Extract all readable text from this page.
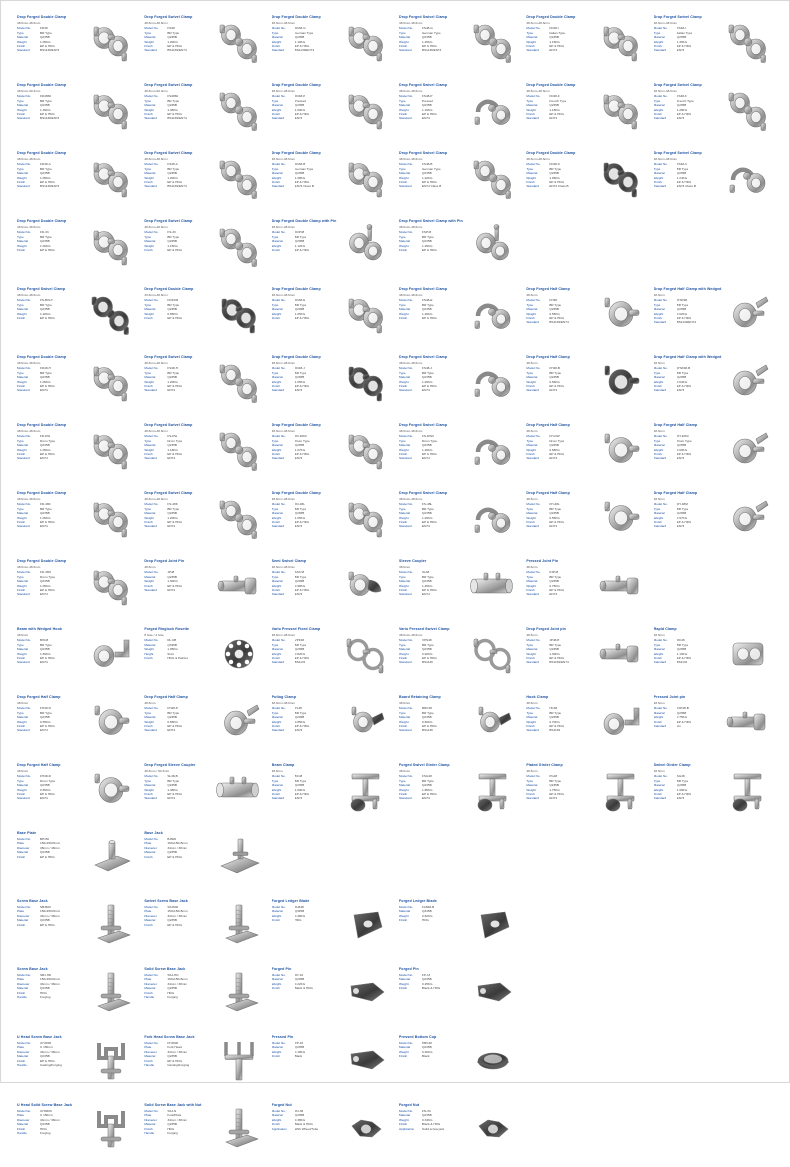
Drop Forged Double Clamp
48.6mm-48.6mm
Model No.	FD48
Type	BR Type
Material	Q235B
Weight	1.05KG
Finish	EP & HDG
Standard	BS1139/EN74
Drop Forged Swivel Clamp
48.6mm-48.6mm
Model No.	FS48
Type	BR Type
Material	Q235B
Weight	1.20KG
Finish	EP & HDG
Standard	BS1139/EN74
Drop Forged Double Clamp
48.6mm-48.6mm
Model No.	FD48-G
Type	German Type
Material	Q235B
Weight	1.10KG
Finish	EP & HDG
Standard	BS1139/EN74
Drop Forged Swivel Clamp
48.6mm-48.6mm
Model No.	FS48-G
Type	German Type
Material	Q235B
Weight	1.25KG
Finish	EP & HDG
Standard	BS1139/EN74
Drop Forged Double Clamp
48.6mm-48.6mm
Model No.	FD48-I
Type	Italian Type
Material	Q235B
Weight	1.15KG
Finish	EP & HDG
Standard	EN74
Drop Forged Swivel Clamp
48.6mm-48.6mm
Model No.	FS48-I
Type	Italian Type
Material	Q235B
Weight	1.30KG
Finish	EP & HDG
Standard	EN74
Drop Forged Double Clamp
48.6mm-60.3mm
Model No.	FD4860
Type	BR Type
Material	Q235B
Weight	1.35KG
Finish	EP & HDG
Standard	BS1139/EN74
Drop Forged Swivel Clamp
48.6mm-60.3mm
Model No.	FS4860
Type	BR Type
Material	Q235B
Weight	1.45KG
Finish	EP & HDG
Standard	BS1139/EN74
Drop Forged Double Clamp
48.6mm-48.6mm
Model No.	FD48-P
Type	Pressed
Material	Q235B
Weight	1.00KG
Finish	EP & HDG
Standard	EN74
Drop Forged Swivel Clamp
48.6mm-48.6mm
Model No.	FS48-P
Type	Pressed
Material	Q235B
Weight	1.10KG
Finish	EP & HDG
Standard	EN74
Drop Forged Double Clamp
48.6mm-48.6mm
Model No.	FD48-F
Type	French Type
Material	Q235B
Weight	1.18KG
Finish	EP & HDG
Standard	EN74
Drop Forged Swivel Clamp
48.6mm-48.6mm
Model No.	FS48-F
Type	French Type
Material	Q235B
Weight	1.28KG
Finish	EP & HDG
Standard	EN74
Drop Forged Double Clamp
48.6mm-48.6mm
Model No.	FD48-A
Type	BR Type
Material	Q235B
Weight	1.05KG
Finish	EP & HDG
Standard	BS1139/EN74
Drop Forged Swivel Clamp
48.6mm-48.6mm
Model No.	FS48-A
Type	BR Type
Material	Q235B
Weight	1.20KG
Finish	EP & HDG
Standard	BS1139/EN74
Drop Forged Double Clamp
48.6mm-48.6mm
Model No.	FD48-B
Type	German Type
Material	Q235B
Weight	1.08KG
Finish	EP & HDG
Standard	EN74 Class B
Drop Forged Swivel Clamp
48.6mm-48.6mm
Model No.	FS48-B
Type	German Type
Material	Q235B
Weight	1.22KG
Finish	EP & HDG
Standard	EN74 Class B
Drop Forged Double Clamp
48.6mm-48.6mm
Model No.	FD48-C
Type	BR Type
Material	Q235B
Weight	1.06KG
Finish	EP & HDG
Standard	EN74 Class B
Drop Forged Swivel Clamp
48.6mm-48.6mm
Model No.	FS48-C
Type	BR Type
Material	Q235B
Weight	1.24KG
Finish	EP & HDG
Standard	EN74 Class B
Drop Forged Double Clamp
48.6mm-48.6mm
Model No.	FD-33
Type	BR Type
Material	Q235B
Weight	1.00KG
Finish	EP & HDG
Drop Forged Swivel Clamp
48.6mm-48.6mm
Model No.	FS-33
Type	BR Type
Material	Q235B
Weight	1.15KG
Finish	EP & HDG
Drop Forged Double Clamp with Pin
48.6mm-48.6mm
Model No.	FDP48
Type	BR Type
Material	Q235B
Weight	1.12KG
Finish	EP & HDG
Drop Forged Swivel Clamp with Pin
48.6mm-48.6mm
Model No.	FSP48
Type	BR Type
Material	Q235B
Weight	1.26KG
Finish	EP & HDG
Drop Forged Swivel Clamp
48.6mm-48.6mm
Model No.	FS-BOLT
Type	BR Type
Material	Q235B
Weight	1.20KG
Finish	EP & HDG
Drop Forged Double Clamp
33.6mm-48.6mm
Model No.	FD3348
Type	BR Type
Material	Q235B
Weight	0.95KG
Finish	EP & HDG
Drop Forged Double Clamp
48.6mm-48.6mm
Model No.	FD48-E
Type	BR Type
Material	Q235B
Weight	1.05KG
Finish	EP & HDG
Drop Forged Swivel Clamp
48.6mm-48.6mm
Model No.	FS48-E
Type	BR Type
Material	Q235B
Weight	1.20KG
Finish	EP & HDG
Drop Forged Half Clamp
48.6mm
Model No.	FH48
Type	BR Type
Material	Q235B
Weight	0.55KG
Finish	EP & HDG
Standard	BS1139/EN74
Drop Forged Half Clamp with Wedged
48.6mm
Model No.	FHW48
Type	BR Type
Material	Q235B
Weight	0.62KG
Finish	EP & HDG
Standard	BS1139/EN74
Drop Forged Double Clamp
48.6mm-48.6mm
Model No.	FD48-H
Type	BR Type
Material	Q235B
Weight	1.05KG
Finish	EP & HDG
Standard	EN74
Drop Forged Swivel Clamp
48.6mm-48.6mm
Model No.	FS48-H
Type	BR Type
Material	Q235B
Weight	1.20KG
Finish	EP & HDG
Standard	EN74
Drop Forged Double Clamp
48.6mm-48.6mm
Model No.	FD48-J
Type	BR Type
Material	Q235B
Weight	1.05KG
Finish	EP & HDG
Standard	EN74
Drop Forged Swivel Clamp
48.6mm-48.6mm
Model No.	FS48-J
Type	BR Type
Material	Q235B
Weight	1.20KG
Finish	EP & HDG
Standard	EN74
Drop Forged Half Clamp
48.6mm
Model No.	FH48-B
Type	BR Type
Material	Q235B
Weight	0.56KG
Finish	EP & HDG
Standard	EN74
Drop Forged Half Clamp with Wedged
48.6mm
Model No.	FHW48-B
Type	BR Type
Material	Q235B
Weight	0.64KG
Finish	EP & HDG
Standard	EN74
Drop Forged Double Clamp
48.6mm-48.6mm
Model No.	FD-DW
Type	Drum Type
Material	Q235B
Weight	1.05KG
Finish	EP & HDG
Standard	EN74
Drop Forged Swivel Clamp
48.6mm-48.6mm
Model No.	FS-DW
Type	Drum Type
Material	Q235B
Weight	1.18KG
Finish	EP & HDG
Standard	EN74
Drop Forged Double Clamp
48.6mm-48.6mm
Model No.	FD-DW2
Type	Drum Type
Material	Q235B
Weight	1.07KG
Finish	EP & HDG
Standard	EN74
Drop Forged Swivel Clamp
48.6mm-48.6mm
Model No.	FS-DW2
Type	Drum Type
Material	Q235B
Weight	1.20KG
Finish	EP & HDG
Standard	EN74
Drop Forged Half Clamp
48.6mm
Model No.	FH-DW
Type	Drum Type
Material	Q235B
Weight	0.58KG
Finish	EP & HDG
Standard	EN74
Drop Forged Half Clamp
48.6mm
Model No.	FH-DW2
Type	Drum Type
Material	Q235B
Weight	0.60KG
Finish	EP & HDG
Standard	EN74
Drop Forged Double Clamp
48.6mm-48.6mm
Model No.	FD-48K
Type	BR Type
Material	Q235B
Weight	1.05KG
Finish	EP & HDG
Standard	EN74
Drop Forged Swivel Clamp
48.6mm-48.6mm
Model No.	FS-48K
Type	BR Type
Material	Q235B
Weight	1.20KG
Finish	EP & HDG
Standard	EN74
Drop Forged Double Clamp
48.6mm-48.6mm
Model No.	FD-48L
Type	BR Type
Material	Q235B
Weight	1.05KG
Finish	EP & HDG
Standard	EN74
Drop Forged Swivel Clamp
48.6mm-48.6mm
Model No.	FS-48L
Type	BR Type
Material	Q235B
Weight	1.20KG
Finish	EP & HDG
Standard	EN74
Drop Forged Half Clamp
48.6mm
Model No.	FH-48L
Type	BR Type
Material	Q235B
Weight	0.55KG
Finish	EP & HDG
Standard	EN74
Drop Forged Half Clamp
48.6mm
Model No.	FH-48M
Type	BR Type
Material	Q235B
Weight	0.57KG
Finish	EP & HDG
Standard	EN74
Drop Forged Double Clamp
48.6mm-48.6mm
Model No.	FD-48N
Type	Drum Type
Material	Q235B
Weight	1.05KG
Finish	EP & HDG
Standard	EN74
Drop Forged Joint Pin
48.6mm
Model No.	JP48
Material	Q235B
Weight	1.30KG
Finish	EP & HDG
Standard	EN74
Semi Swivel Clamp
48.6mm-48.6mm
Model No.	SSC48
Type	BR Type
Material	Q235B
Weight	0.98KG
Finish	EP & HDG
Standard	EN74
Sleeve Coupler
48.6mm
Model No.	SL48
Type	BR Type
Material	Q235B
Weight	1.45KG
Finish	EP & HDG
Standard	EN74
Pressed Joint Pin
48.6mm
Model No.	PJP48
Type	BR Type
Material	Q235B
Weight	0.75KG
Finish	EP & HDG
Standard	EN74
Beam with Wedged Hook
48.6mm
Model No.	BW48
Type	BR Type
Material	Q235B
Weight	1.65KG
Finish	EP & HDG
Standard	EN74
Forged Ringlock Rosette
8 hole / 4 hole
Model No.	RL-R8
Material	Q345B
Weight	1.05KG
Height	9mm
Finish	HDG & Painted
Vario Pressed Fixed Clamp
48.6mm-48.6mm
Model No.	VPF48
Type	BR Type
Material	Q235B
Weight	0.82KG
Finish	EP & HDG
Standard	BS1139
Vario Pressed Swivel Clamp
48.6mm-48.6mm
Model No.	VPS48
Type	BR Type
Material	Q235B
Weight	0.92KG
Finish	EP & HDG
Standard	BS1139
Drop Forged Joint pin
48.6mm
Model No.	JP48-B
Type	BR Type
Material	Q235B
Weight	1.30KG
Finish	EP & HDG
Standard	BS1139/EN74
Rapid Clamp
48.6mm
Model No.	RC48
Type	BR Type
Material	Q235B
Weight	1.10KG
Finish	EP & HDG
Standard	BS1139
Drop Forged Half Clamp
48.6mm
Model No.	FH48-N
Type	BR Type
Material	Q235B
Weight	0.55KG
Finish	EP & HDG
Standard	EN74
Drop Forged Half Clamp
48.6mm
Model No.	FH48-P
Type	BR Type
Material	Q235B
Weight	0.58KG
Finish	EP & HDG
Standard	EN74
Putlog Clamp
48.6mm-48.6mm
Model No.	PL48
Type	BR Type
Material	Q235B
Weight	0.85KG
Finish	EP & HDG
Standard	EN74
Board Retaining Clamp
48.6mm
Model No.	BRC48
Type	BR Type
Material	Q235B
Weight	0.66KG
Finish	EP & HDG
Standard	BS1139
Hook Clamp
48.6mm
Model No.	HC48
Type	BR Type
Material	Q235B
Weight	0.70KG
Finish	EP & HDG
Standard	BS1139
Pressed Joint pin
48.6mm
Model No.	PJP48-B
Material	Q235B
Weight	0.75KG
Finish	EP & HDG
Standard	pin
Drop Forged Half Clamp
48.6mm
Model No.	FH48-R
Type	Drum Type
Material	Q235B
Weight	0.55KG
Finish	EP & HDG
Standard	EN74
Drop Forged Sleeve Coupler
48.6mm / 60.3mm
Model No.	SL48-B
Type	BR Type
Material	Q235B
Weight	1.48KG
Finish	EP & HDG
Standard	EN74
Beam Clamp
48.6mm
Model No.	BC48
Type	BR Type
Material	Q235B
Weight	1.60KG
Finish	EP & HDG
Standard	EN74
Forged Swivel Girder Clamp
48.6mm
Model No.	FSG48
Type	BR Type
Material	Q235B
Weight	1.85KG
Finish	EP & HDG
Standard	EN74
Plated Girder Clamp
48.6mm
Model No.	PG48
Type	BR Type
Material	Q235B
Weight	1.75KG
Finish	EP & HDG
Standard	EN74
Swivel Girder Clamp
48.6mm
Model No.	SG48
Type	BR Type
Material	Q235B
Weight	1.90KG
Finish	EP & HDG
Standard	EN74
Base Plate
Model No.	BP150
Plate	150x150x5mm
Diameter	38mm / 48mm
Material	Q235B
Finish	EP & HDG
Base Jack
Model No.	BJ600
Plate	150x150x5mm
Diameter	34mm / 38mm
Material	Q235B
Finish	EP & HDG
Screw Base Jack
Model No.	SBJ600
Plate	150x150x5mm
Diameter	34mm / 38mm
Material	Q235B
Finish	EP & HDG
Swivel Screw Base Jack
Model No.	SSJ600
Plate	150x150x5mm
Diameter	34mm / 38mm
Material	Q235B
Finish	EP & HDG
Forged Ledger Blade
Model No.	FLB48
Material	Q345B
Weight	0.48KG
Finish	HDG
Forged Ledger Blade
Model No.	FLB48-B
Material	Q345B
Weight	0.52KG
Finish	HDG
Screw Base Jack
Model No.	SBJ-HD
Plate	150x150x6mm
Diameter	34mm / 38mm
Material	Q235B
Finish	HDG
Handle	Forging
Solid Screw Base Jack
Model No.	SSJ-HD
Plate	150x150x6mm
Diameter	34mm / 38mm
Material	Q235B
Finish	HDG
Handle	Forging
Forged Pin
Model No.	FP-16
Material	Q235B
Weight	0.22KG
Finish	Black & HDG
Forged Pin
Model No.	FP-18
Material	Q235B
Weight	0.25KG
Finish	Black & HDG
U Head Screw Base Jack
Model No.	UHJ600
Plate	U 150mm
Diameter	34mm / 38mm
Material	Q235B
Finish	EP & HDG
Handle	Casting/Forging
Fork Head Screw Base Jack
Model No.	FHJ600
Plate	Fork Head
Diameter	34mm / 38mm
Material	Q235B
Finish	EP & HDG
Handle	Casting/Forging
Pressed Pin
Model No.	PP-16
Material	Q235B
Weight	0.18KG
Finish	Black
Pressed Bottom Cup
Model No.	PBC48
Material	Q235B
Weight	0.30KG
Finish	Black
U Head Solid Screw Base Jack
Model No.	UHS600
Plate	U 150mm
Diameter	34mm / 38mm
Material	Q235B
Finish	HDG
Handle	Forging
Solid Screw Base Jack with Nut
Model No.	SSJ-N
Plate	Fork/Plate
Diameter	34mm / 38mm
Material	Q235B
Finish	HDG
Handle	Forging
Forged Nut
Model No.	FN-38
Material	Q235B
Weight	0.38KG
Finish	Black & HDG
Application	With Wheel/Tube
Forged Nut
Model No.	FN-34
Material	Q235B
Weight	0.34KG
Finish	Black & HDG
Application	Solid screw jack
